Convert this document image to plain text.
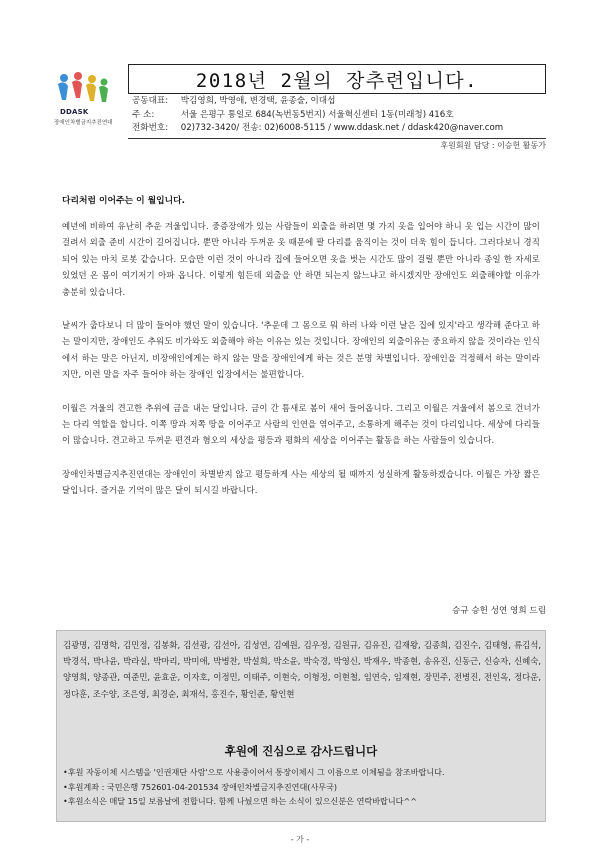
DDASK
장애인차별금지추진연대
2018년 2월의 장추련입니다.
공동대표: 박김영희, 박영애, 변경택, 윤종술, 이대섭
주 소:	서울 은평구 통일로 684(녹번동5번지) 서울혁신센터 1동(미래청) 416호
전화번호: 02)732-3420/ 전송: 02)6008-5115 / www.ddask.net / ddask420@naver.com
후원회원 담당 : 이승헌 활동가
다리처럼 이어주는 이 월입니다.

예년에 비하여 유난히 추운 겨울입니다. 중증장애가 있는 사람들이 외출을 하려면 몇 가지 옷을 입어야 하니 옷 입는 시간이 많이 걸려서 외출 준비 시간이 길어집니다. 뿐만 아니라 두꺼운 옷 때문에 팔 다리를 움직이는 것이 더욱 힘이 듭니다. 그러다보니 경직 되어 있는 마치 로봇 같습니다. 모습만 이런 것이 아니라 집에 들어오면 옷을 벗는 시간도 많이 걸릴 뿐만 아니라 종일 한 자세로 있었던 온 몸이 여기저기 아파 옵니다. 이렇게 힘든데 외출을 안 하면 되는지 않느냐고 하시겠지만 장애인도 외출해야할 이유가 충분히 있습니다.

날씨가 춥다보니 더 많이 들어야 했던 말이 있습니다. '추운데 그 몸으로 뭐 하러 나와 이런 날은 집에 있지'라고 생각해 준다고 하는 말이지만, 장애인도 추워도 비가와도 외출해야 하는 이유는 있는 것입니다. 장애인의 외출이유는 중요하지 않을 것이라는 인식에서 하는 말은 아닌지, 비장애인에게는 하지 않는 말을 장애인에게 하는 것은 분명 차별입니다. 장애인을 걱정해서 하는 말이라지만, 이런 말을 자주 들어야 하는 장애인 입장에서는 불편합니다.

이월은 겨울의 견고한 추위에 금을 내는 달입니다. 금이 간 틈새로 봄이 새어 들어옵니다. 그리고 이월은 겨울에서 봄으로 건너가는 다리 역할을 합니다. 이쪽 땅과 저쪽 땅을 이어주고 사람의 인연을 엮어주고, 소통하게 해주는 것이 다리입니다. 세상에 다리들이 많습니다. 견고하고 두꺼운 편견과 혐오의 세상을 평등과 평화의 세상을 이어주는 활동을 하는 사람들이 있습니다.

장애인차별금지추진연대는 장애인이 차별받지 않고 평등하게 사는 세상의 될 때까지 성실하게 활동하겠습니다. 이월은 가장 짧은 달입니다. 즐거운 기억이 많은 달이 되시길 바랍니다.

승규 승헌 성연 영희 드림
김광명, 김명학, 김민정, 김봉화, 김선광, 김선아, 김성연, 김예원, 김우정, 김원규, 김유진, 김재왕, 김종희, 김진수, 김태형, 류김석, 박경석, 박나윤, 박라실, 박마리, 박미애, 박병찬, 박설희, 박소윤, 박숙경, 박영신, 박재우, 박종현, 송유진, 신동근, 신승자, 신혜숙, 양영희, 양종관, 여준민, 윤효운, 이자호, 이정민, 이태주, 이현숙, 이형정, 이현철, 임연숙, 임재현, 장민주, 전병진, 전인옥, 정다운, 정다훈, 조수양, 조은영, 최경순, 최재석, 홍진수, 황인준, 황인현
후원에 진심으로 감사드립니다
•후원 자동이체 시스템을 '인권재단 사람'으로 사용중이어서 통장이체시 그 이름으로 이체됨을 참조바랍니다.
•후원계좌 : 국민은행 752601-04-201534 장애인차별금지추진연대(사무국)
•후원소식은 매달 15일 보름날에 전합니다. 함께 나눴으면 하는 소식이 있으신분은 연락바랍니다^^
- 가 -
